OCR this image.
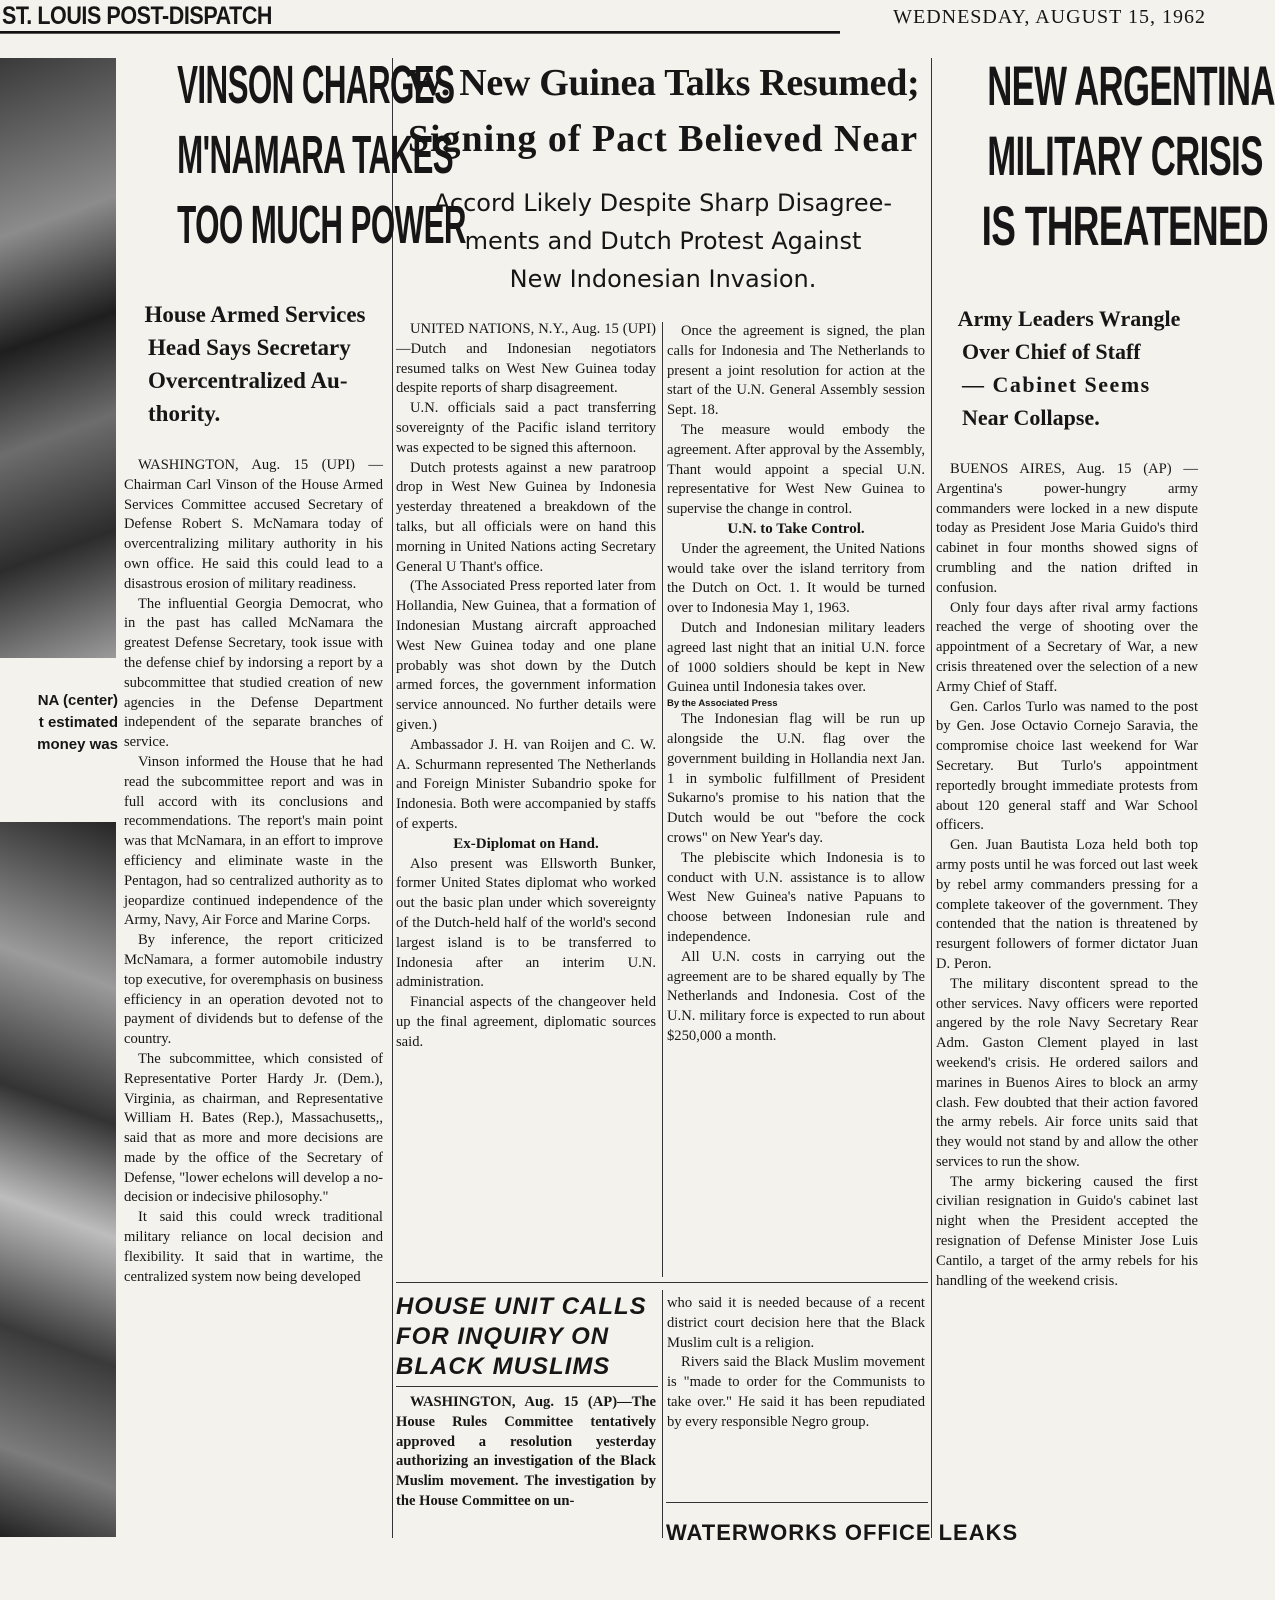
ST. LOUIS POST-DISPATCH	WEDNESDAY, AUGUST 15, 1962
NA (center)
t estimated
money was
VINSON CHARGES
M'NAMARA TAKES
TOO MUCH POWER
House Armed Services
Head Says Secretary
Overcentralized Au-
thority.

WASHINGTON, Aug. 15 (UPI) —Chairman Carl Vinson of the House Armed Services Committee accused Secretary of Defense Robert S. McNamara today of overcentralizing military authority in his own office. He said this could lead to a disastrous erosion of military readiness.

The influential Georgia Democrat, who in the past has called McNamara the greatest Defense Secretary, took issue with the defense chief by indorsing a report by a subcommittee that studied creation of new agencies in the Defense Department independent of the separate branches of service.

Vinson informed the House that he had read the subcommittee report and was in full accord with its conclusions and recommendations. The report's main point was that McNamara, in an effort to improve efficiency and eliminate waste in the Pentagon, had so centralized authority as to jeopardize continued independence of the Army, Navy, Air Force and Marine Corps.

By inference, the report criticized McNamara, a former automobile industry top executive, for overemphasis on business efficiency in an operation devoted not to payment of dividends but to defense of the country.

The subcommittee, which consisted of Representative Porter Hardy Jr. (Dem.), Virginia, as chairman, and Representative William H. Bates (Rep.), Massachusetts,, said that as more and more decisions are made by the office of the Secretary of Defense, "lower echelons will develop a no-decision or indecisive philosophy."

It said this could wreck traditional military reliance on local decision and flexibility. It said that in wartime, the centralized system now being developed

W. New Guinea Talks Resumed;
Signing of Pact Believed Near
Accord Likely Despite Sharp Disagree-
ments and Dutch Protest Against
New Indonesian Invasion.

UNITED NATIONS, N.Y., Aug. 15 (UPI)—Dutch and Indonesian negotiators resumed talks on West New Guinea today despite reports of sharp disagreement.

U.N. officials said a pact transferring sovereignty of the Pacific island territory was expected to be signed this afternoon.

Dutch protests against a new paratroop drop in West New Guinea by Indonesia yesterday threatened a breakdown of the talks, but all officials were on hand this morning in United Nations acting Secretary General U Thant's office.

(The Associated Press reported later from Hollandia, New Guinea, that a formation of Indonesian Mustang aircraft approached West New Guinea today and one plane probably was shot down by the Dutch armed forces, the government information service announced. No further details were given.)

Ambassador J. H. van Roijen and C. W. A. Schurmann represented The Netherlands and Foreign Minister Subandrio spoke for Indonesia. Both were accompanied by staffs of experts.

Ex-Diplomat on Hand.

Also present was Ellsworth Bunker, former United States diplomat who worked out the basic plan under which sovereignty of the Dutch-held half of the world's second largest island is to be transferred to Indonesia after an interim U.N. administration.

Financial aspects of the changeover held up the final agreement, diplomatic sources said.

Once the agreement is signed, the plan calls for Indonesia and The Netherlands to present a joint resolution for action at the start of the U.N. General Assembly session Sept. 18.

The measure would embody the agreement. After approval by the Assembly, Thant would appoint a special U.N. representative for West New Guinea to supervise the change in control.

U.N. to Take Control.

Under the agreement, the United Nations would take over the island territory from the Dutch on Oct. 1. It would be turned over to Indonesia May 1, 1963.

Dutch and Indonesian military leaders agreed last night that an initial U.N. force of 1000 soldiers should be kept in New Guinea until Indonesia takes over.

By the Associated Press

The Indonesian flag will be run up alongside the U.N. flag over the government building in Hollandia next Jan. 1 in symbolic fulfillment of President Sukarno's promise to his nation that the Dutch would be out "before the cock crows" on New Year's day.

The plebiscite which Indonesia is to conduct with U.N. assistance is to allow West New Guinea's native Papuans to choose between Indonesian rule and independence.

All U.N. costs in carrying out the agreement are to be shared equally by The Netherlands and Indonesia. Cost of the U.N. military force is expected to run about $250,000 a month.

HOUSE UNIT CALLS
FOR INQUIRY ON
BLACK MUSLIMS

WASHINGTON, Aug. 15 (AP)—The House Rules Committee tentatively approved a resolution yesterday authorizing an investigation of the Black Muslim movement. The investigation by the House Committee on un-

who said it is needed because of a recent district court decision here that the Black Muslim cult is a religion.

Rivers said the Black Muslim movement is "made to order for the Communists to take over." He said it has been repudiated by every responsible Negro group.

WATERWORKS OFFICE LEAKS
NEW ARGENTINA
MILITARY CRISIS
IS THREATENED
Army Leaders Wrangle
Over Chief of Staff
— Cabinet Seems
Near Collapse.

BUENOS AIRES, Aug. 15 (AP) —Argentina's power-hungry army commanders were locked in a new dispute today as President Jose Maria Guido's third cabinet in four months showed signs of crumbling and the nation drifted in confusion.

Only four days after rival army factions reached the verge of shooting over the appointment of a Secretary of War, a new crisis threatened over the selection of a new Army Chief of Staff.

Gen. Carlos Turlo was named to the post by Gen. Jose Octavio Cornejo Saravia, the compromise choice last weekend for War Secretary. But Turlo's appointment reportedly brought immediate protests from about 120 general staff and War School officers.

Gen. Juan Bautista Loza held both top army posts until he was forced out last week by rebel army commanders pressing for a complete takeover of the government. They contended that the nation is threatened by resurgent followers of former dictator Juan D. Peron.

The military discontent spread to the other services. Navy officers were reported angered by the role Navy Secretary Rear Adm. Gaston Clement played in last weekend's crisis. He ordered sailors and marines in Buenos Aires to block an army clash. Few doubted that their action favored the army rebels. Air force units said that they would not stand by and allow the other services to run the show.

The army bickering caused the first civilian resignation in Guido's cabinet last night when the President accepted the resignation of Defense Minister Jose Luis Cantilo, a target of the army rebels for his handling of the weekend crisis.
